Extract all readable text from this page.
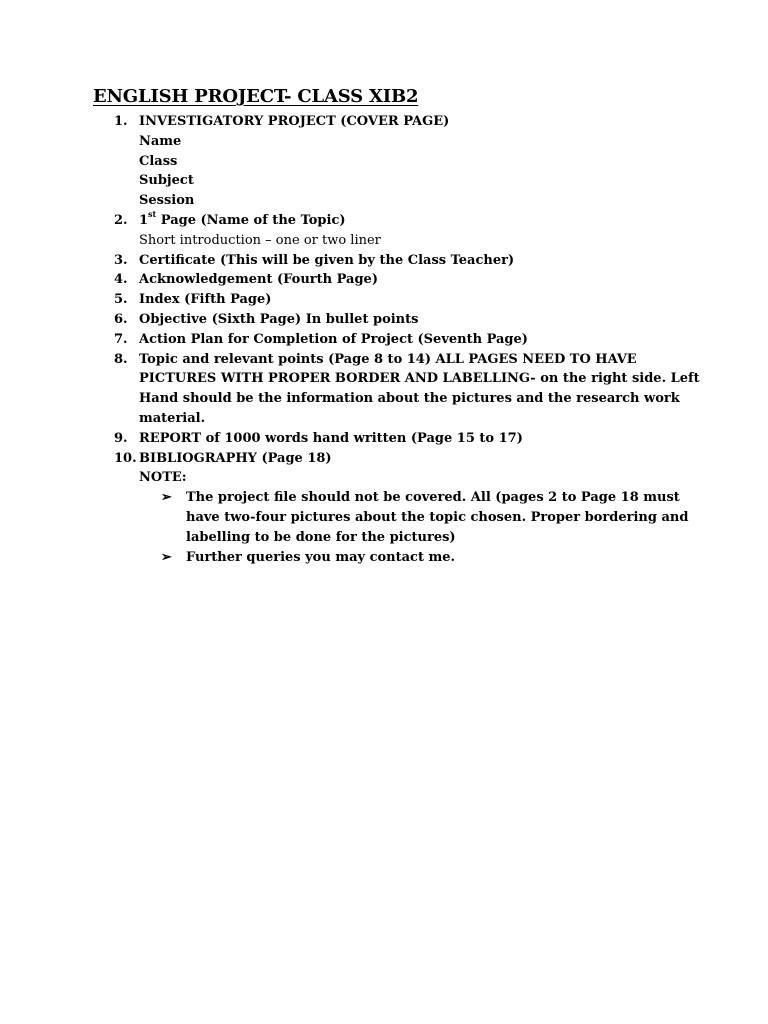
ENGLISH PROJECT- CLASS XIB2
1. INVESTIGATORY PROJECT (COVER PAGE)
Name
Class
Subject
Session
2. 1st Page (Name of the Topic)
Short introduction – one or two liner
3. Certificate (This will be given by the Class Teacher)
4. Acknowledgement (Fourth Page)
5. Index (Fifth Page)
6. Objective (Sixth Page) In bullet points
7. Action Plan for Completion of Project (Seventh Page)
8. Topic and relevant points (Page 8 to 14) ALL PAGES NEED TO HAVE
PICTURES WITH PROPER BORDER AND LABELLING- on the right side. Left
Hand should be the information about the pictures and the research work
material.
9. REPORT of 1000 words hand written (Page 15 to 17)
10. BIBLIOGRAPHY (Page 18)
NOTE:
➢ The project file should not be covered. All (pages 2 to Page 18 must
have two-four pictures about the topic chosen. Proper bordering and
labelling to be done for the pictures)
➢ Further queries you may contact me.
